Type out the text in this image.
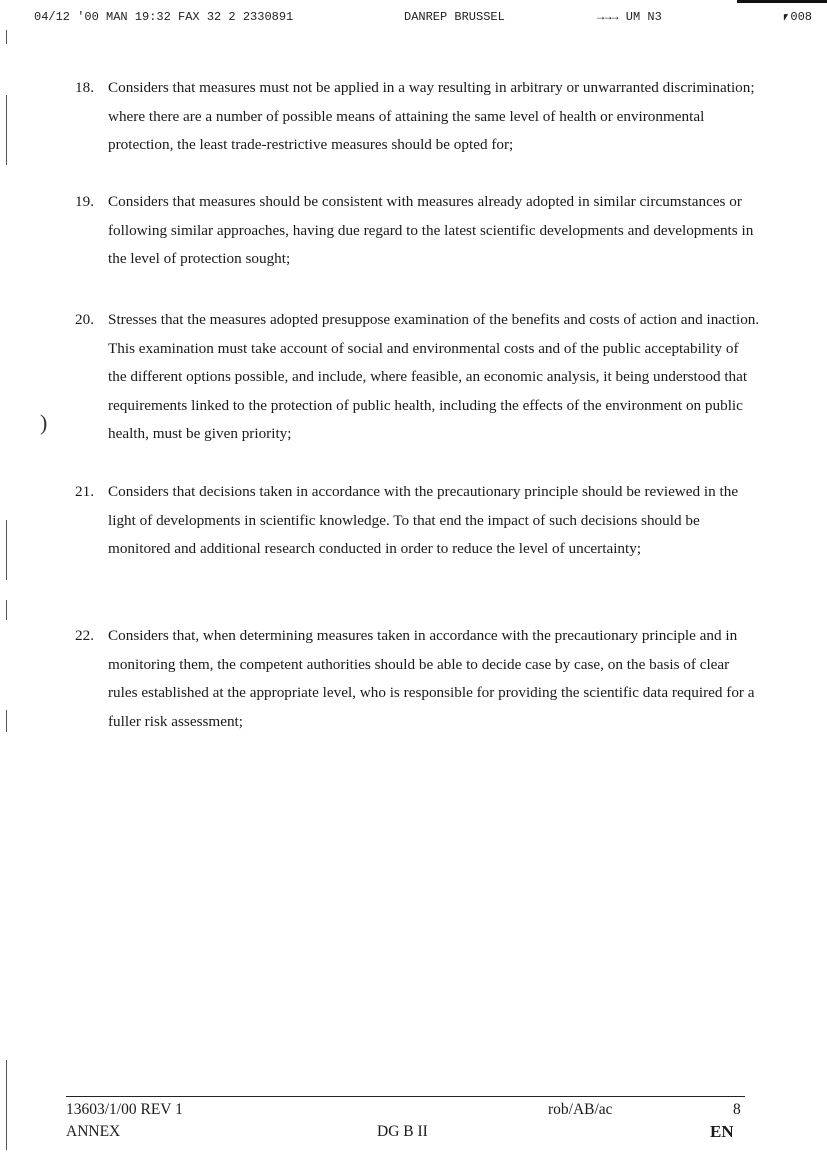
04/12 '00 MAN 19:32 FAX 32 2 2330891	DANREP BRUSSEL	→→→ UM N3	⎖008
)
18. Considers that measures must not be applied in a way resulting in arbitrary or unwarranted discrimination; where there are a number of possible means of attaining the same level of health or environmental protection, the least trade-restrictive measures should be opted for;
19. Considers that measures should be consistent with measures already adopted in similar circumstances or following similar approaches, having due regard to the latest scientific developments and developments in the level of protection sought;
20. Stresses that the measures adopted presuppose examination of the benefits and costs of action and inaction. This examination must take account of social and environmental costs and of the public acceptability of the different options possible, and include, where feasible, an economic analysis, it being understood that requirements linked to the protection of public health, including the effects of the environment on public health, must be given priority;
21. Considers that decisions taken in accordance with the precautionary principle should be reviewed in the light of developments in scientific knowledge. To that end the impact of such decisions should be monitored and additional research conducted in order to reduce the level of uncertainty;
22. Considers that, when determining measures taken in accordance with the precautionary principle and in monitoring them, the competent authorities should be able to decide case by case, on the basis of clear rules established at the appropriate level, who is responsible for providing the scientific data required for a fuller risk assessment;
13603/1/00 REV 1
ANNEX	DG B II
rob/AB/ac	8
EN
